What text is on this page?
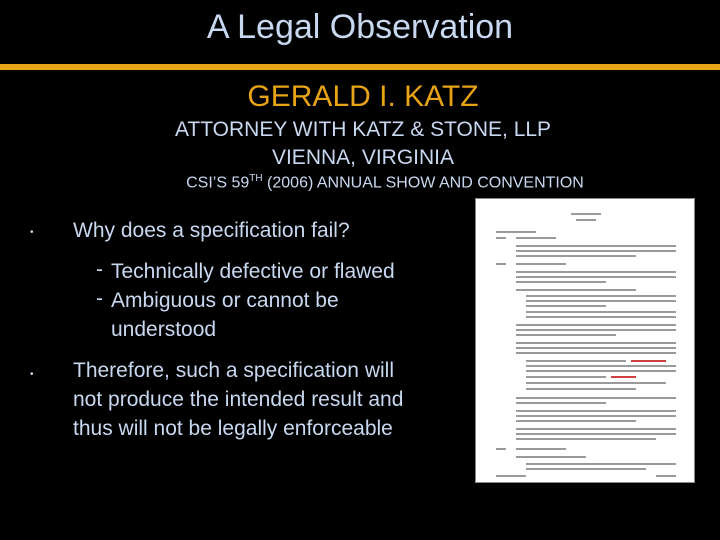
A Legal Observation
GERALD I. KATZ
ATTORNEY WITH KATZ & STONE, LLP
VIENNA, VIRGINIA
CSI’S 59TH (2006) ANNUAL SHOW AND CONVENTION
• Why does a specification fail?
- Technically defective or flawed
- Ambiguous or cannot be
understood
• Therefore, such a specification will
not produce the intended result and
thus will not be legally enforceable
